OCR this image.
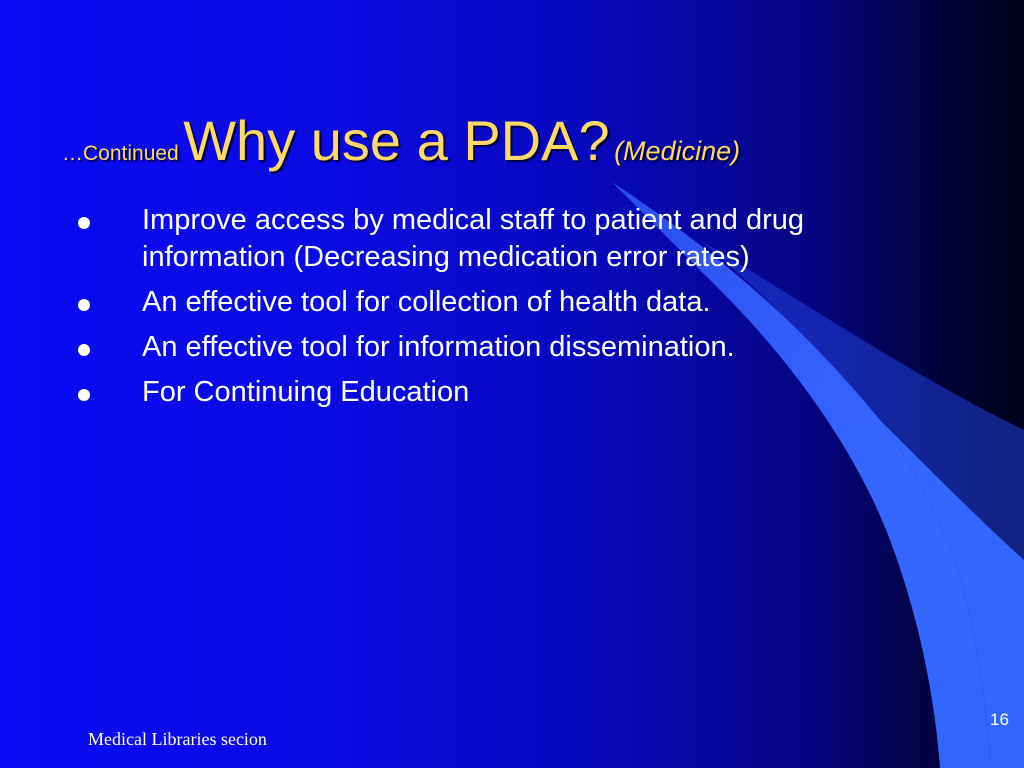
…Continued Why use a PDA? (Medicine)
Improve access by medical staff to patient and drug information (Decreasing medication error rates)
An effective tool for collection of health data.
An effective tool for information dissemination.
For Continuing Education
Medical Libraries secion
16
